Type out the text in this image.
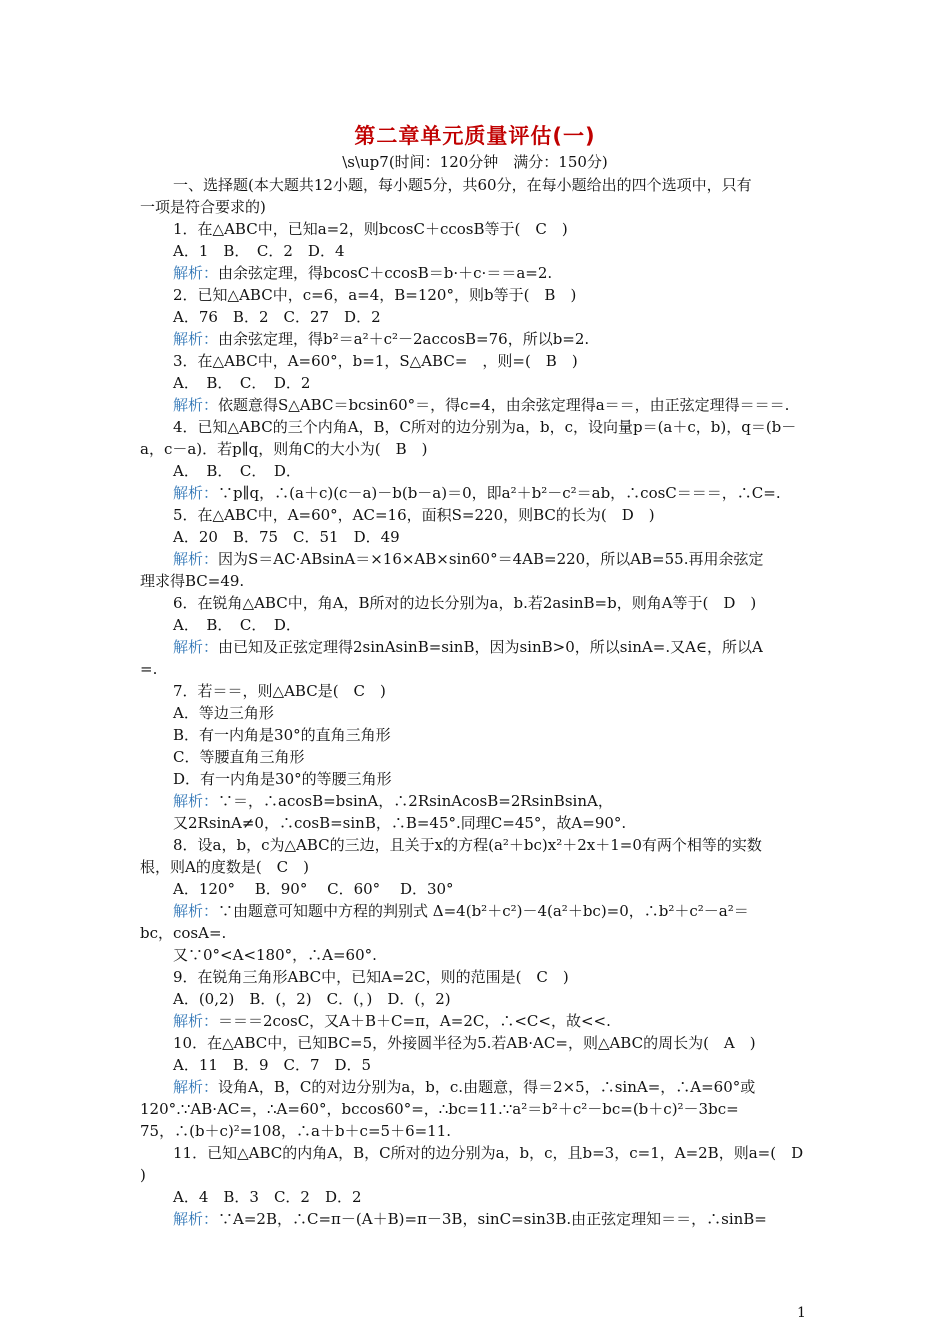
第二章单元质量评估(一)
\s\up7(时间：120分钟　满分：150分)
一、选择题(本大题共12小题，每小题5分，共60分，在每小题给出的四个选项中，只有
一项是符合要求的)
1．在△ABC中，已知a=2，则bcosC＋ccosB等于(　C　)
A．1　B．　C．2　D．4
解析：由余弦定理，得bcosC＋ccosB＝b·＋c·＝＝a=2.
2．已知△ABC中，c=6，a=4，B=120°，则b等于(　B　)
A．76　B．2　C．27　D．2
解析：由余弦定理，得b²＝a²＋c²－2accosB=76，所以b=2.
3．在△ABC中，A=60°，b=1，S△ABC=　，则=(　B　)
A．　B．　C．　D．2
解析：依题意得S△ABC＝bcsin60°＝，得c=4，由余弦定理得a＝＝，由正弦定理得＝＝＝.
4．已知△ABC的三个内角A，B，C所对的边分别为a，b，c，设向量p＝(a＋c，b)，q＝(b－
a，c－a)．若p∥q，则角C的大小为(　B　)
A．　B．　C．　D．
解析：∵p∥q，∴(a＋c)(c－a)－b(b－a)＝0，即a²＋b²－c²＝ab，∴cosC＝＝＝，∴C=.
5．在△ABC中，A=60°，AC=16，面积S=220，则BC的长为(　D　)
A．20　B．75　C．51　D．49
解析：因为S＝AC·ABsinA＝×16×AB×sin60°＝4AB=220，所以AB=55.再用余弦定
理求得BC=49.
6．在锐角△ABC中，角A，B所对的边长分别为a，b.若2asinB=b，则角A等于(　D　)
A．　B．　C．　D．
解析：由已知及正弦定理得2sinAsinB=sinB，因为sinB>0，所以sinA=.又A∈，所以A
=.
7．若＝＝，则△ABC是(　C　)
A．等边三角形
B．有一内角是30°的直角三角形
C．等腰直角三角形
D．有一内角是30°的等腰三角形
解析：∵＝，∴acosB=bsinA，∴2RsinAcosB=2RsinBsinA，
又2RsinA≠0，∴cosB=sinB，∴B=45°.同理C=45°，故A=90°.
8．设a，b，c为△ABC的三边，且关于x的方程(a²＋bc)x²＋2x＋1=0有两个相等的实数
根，则A的度数是(　C　)
A．120°　 B．90°　 C．60°　 D．30°
解析：∵由题意可知题中方程的判别式 Δ=4(b²＋c²)－4(a²＋bc)=0，∴b²＋c²－a²＝
bc，cosA=.
又∵0°<A<180°，∴A=60°.
9．在锐角三角形ABC中，已知A=2C，则的范围是(　C　)
A．(0,2)　B．(，2)　C．(，)　D．(，2)
解析：＝＝＝2cosC，又A＋B＋C=π，A=2C，∴<C<，故<<.
10．在△ABC中，已知BC=5，外接圆半径为5.若AB·AC=，则△ABC的周长为(　A　)
A．11　B．9　C．7　D．5
解析：设角A，B，C的对边分别为a，b，c.由题意，得＝2×5，∴sinA=，∴A=60°或
120°.∵AB·AC=，∴A=60°，bccos60°=，∴bc=11.∵a²＝b²＋c²－bc=(b＋c)²－3bc=
75，∴(b＋c)²=108，∴a＋b＋c=5＋6=11.
11．已知△ABC的内角A，B，C所对的边分别为a，b，c，且b=3，c=1，A=2B，则a=(　D
)
A．4　B．3　C．2　D．2
解析：∵A=2B，∴C=π－(A＋B)=π－3B，sinC=sin3B.由正弦定理知＝＝，∴sinB=
1
